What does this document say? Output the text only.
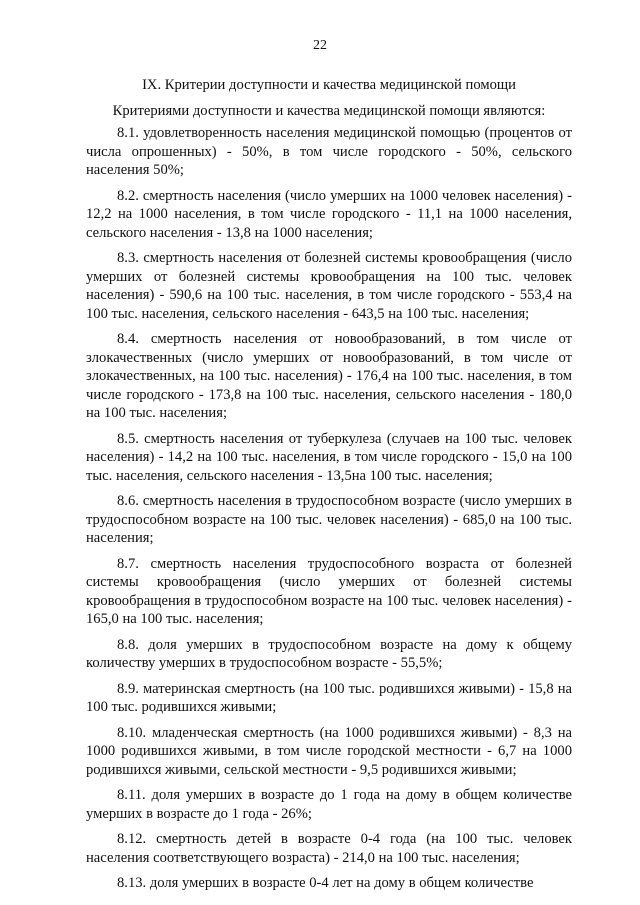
22
IX. Критерии доступности и качества медицинской помощи
Критериями доступности и качества медицинской помощи являются:

8.1. удовлетворенность населения медицинской помощью (процентов от числа опрошенных) - 50%, в том числе городского - 50%, сельского населения 50%;

8.2. смертность населения (число умерших на 1000 человек населения) - 12,2 на 1000 населения, в том числе городского - 11,1 на 1000 населения, сельского населения - 13,8 на 1000 населения;

8.3. смертность населения от болезней системы кровообращения (число умерших от болезней системы кровообращения на 100 тыс. человек населения) - 590,6 на 100 тыс. населения, в том числе городского - 553,4 на 100 тыс. населения, сельского населения - 643,5 на 100 тыс. населения;

8.4. смертность населения от новообразований, в том числе от злокачественных (число умерших от новообразований, в том числе от злокачественных, на 100 тыс. населения) - 176,4 на 100 тыс. населения, в том числе городского - 173,8 на 100 тыс. населения, сельского населения - 180,0 на 100 тыс. населения;

8.5. смертность населения от туберкулеза (случаев на 100 тыс. человек населения) - 14,2 на 100 тыс. населения, в том числе городского - 15,0 на 100 тыс. населения, сельского населения - 13,5на 100 тыс. населения;

8.6. смертность населения в трудоспособном возрасте (число умерших в трудоспособном возрасте на 100 тыс. человек населения) - 685,0 на 100 тыс. населения;

8.7. смертность населения трудоспособного возраста от болезней системы кровообращения (число умерших от болезней системы кровообращения в трудоспособном возрасте на 100 тыс. человек населения) - 165,0 на 100 тыс. населения;

8.8. доля умерших в трудоспособном возрасте на дому к общему количеству умерших в трудоспособном возрасте - 55,5%;

8.9. материнская смертность (на 100 тыс. родившихся живыми) - 15,8 на 100 тыс. родившихся живыми;

8.10. младенческая смертность (на 1000 родившихся живыми) - 8,3 на 1000 родившихся живыми, в том числе городской местности - 6,7 на 1000 родившихся живыми, сельской местности - 9,5 родившихся живыми;

8.11. доля умерших в возрасте до 1 года на дому в общем количестве умерших в возрасте до 1 года - 26%;

8.12. смертность детей в возрасте 0-4 года (на 100 тыс. человек населения соответствующего возраста) - 214,0 на 100 тыс. населения;

8.13. доля умерших в возрасте 0-4 лет на дому в общем количестве
